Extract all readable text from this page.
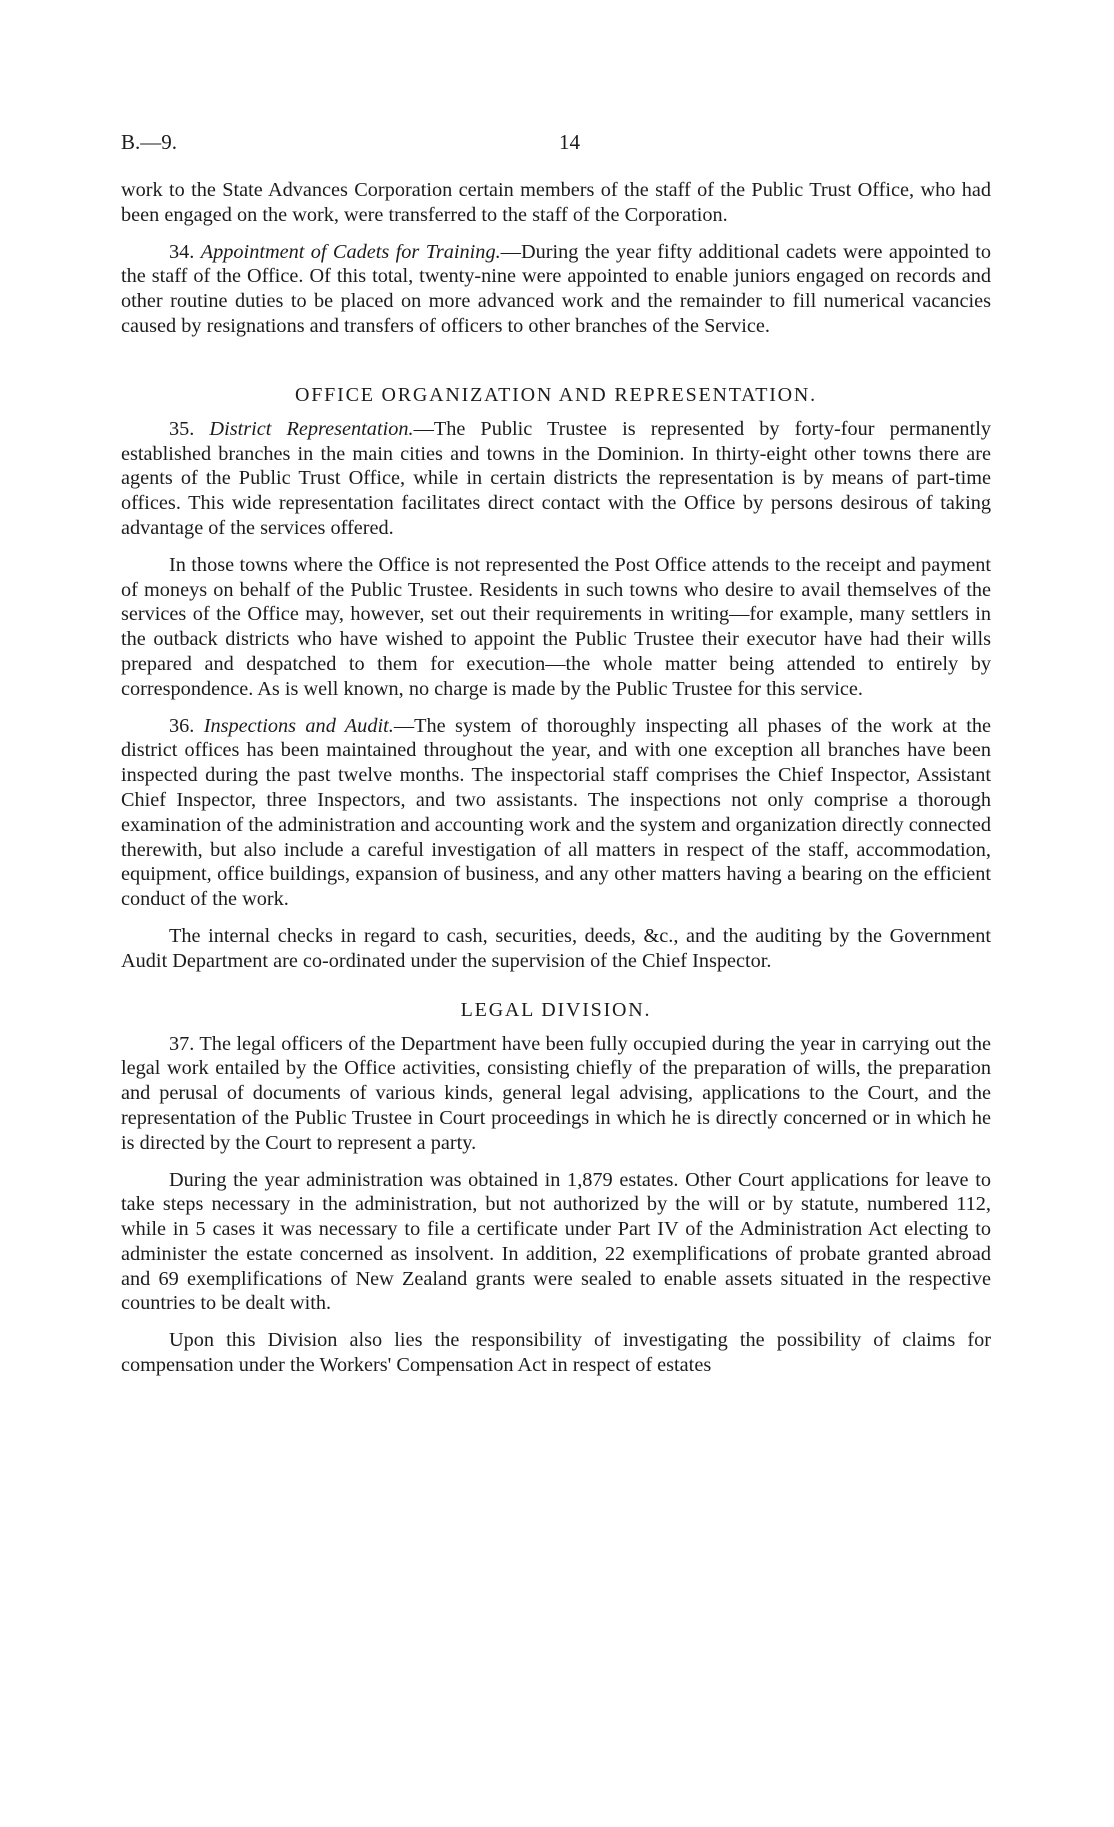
B.—9.	14

work to the State Advances Corporation certain members of the staff of the Public Trust Office, who had been engaged on the work, were transferred to the staff of the Corporation.

34. Appointment of Cadets for Training.—During the year fifty additional cadets were appointed to the staff of the Office. Of this total, twenty-nine were appointed to enable juniors engaged on records and other routine duties to be placed on more advanced work and the remainder to fill numerical vacancies caused by resignations and transfers of officers to other branches of the Service.

OFFICE ORGANIZATION AND REPRESENTATION.

35. District Representation.—The Public Trustee is represented by forty-four permanently established branches in the main cities and towns in the Dominion. In thirty-eight other towns there are agents of the Public Trust Office, while in certain districts the representation is by means of part-time offices. This wide representation facilitates direct contact with the Office by persons desirous of taking advantage of the services offered.

In those towns where the Office is not represented the Post Office attends to the receipt and payment of moneys on behalf of the Public Trustee. Residents in such towns who desire to avail themselves of the services of the Office may, however, set out their requirements in writing—for example, many settlers in the outback districts who have wished to appoint the Public Trustee their executor have had their wills prepared and despatched to them for execution—the whole matter being attended to entirely by correspondence. As is well known, no charge is made by the Public Trustee for this service.

36. Inspections and Audit.—The system of thoroughly inspecting all phases of the work at the district offices has been maintained throughout the year, and with one exception all branches have been inspected during the past twelve months. The inspectorial staff comprises the Chief Inspector, Assistant Chief Inspector, three Inspectors, and two assistants. The inspections not only comprise a thorough examination of the administration and accounting work and the system and organization directly connected therewith, but also include a careful investigation of all matters in respect of the staff, accommodation, equipment, office buildings, expansion of business, and any other matters having a bearing on the efficient conduct of the work.

The internal checks in regard to cash, securities, deeds, &c., and the auditing by the Government Audit Department are co-ordinated under the supervision of the Chief Inspector.

LEGAL DIVISION.

37. The legal officers of the Department have been fully occupied during the year in carrying out the legal work entailed by the Office activities, consisting chiefly of the preparation of wills, the preparation and perusal of documents of various kinds, general legal advising, applications to the Court, and the representation of the Public Trustee in Court proceedings in which he is directly concerned or in which he is directed by the Court to represent a party.

During the year administration was obtained in 1,879 estates. Other Court applications for leave to take steps necessary in the administration, but not authorized by the will or by statute, numbered 112, while in 5 cases it was necessary to file a certificate under Part IV of the Administration Act electing to administer the estate concerned as insolvent. In addition, 22 exemplifications of probate granted abroad and 69 exemplifications of New Zealand grants were sealed to enable assets situated in the respective countries to be dealt with.

Upon this Division also lies the responsibility of investigating the possibility of claims for compensation under the Workers' Compensation Act in respect of estates
